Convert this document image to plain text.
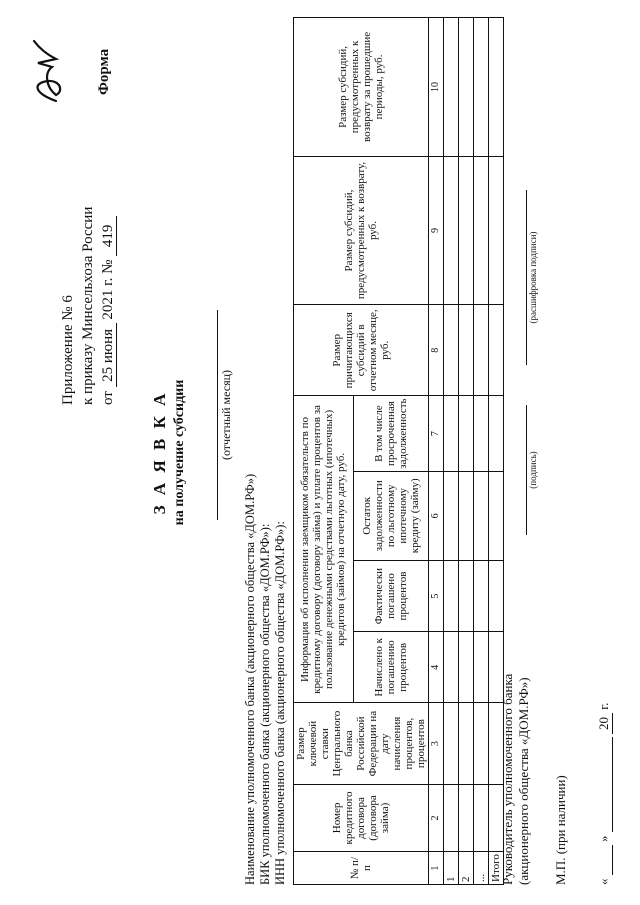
Приложение № 6 к приказу Минсельхоза России от 25 июня 2021 г. № 419
Форма
З А Я В К А на получение субсидии	(отчетный месяц)
Наименование уполномоченного банка (акционерного общества «ДОМ.РФ») БИК уполномоченного банка (акционерного общества «ДОМ.РФ»): ИНН уполномоченного банка (акционерного общества «ДОМ.РФ»):	№ п/п	Номер кредитного договора (договора займа)	Размер ключевой ставки Центрального банка Российской Федерации на дату начисления процентов, процентов	Информация об исполнении заемщиком обязательств по кредитному договору (договору займа) и уплате процентов за пользование денежными средствами льготных (ипотечных) кредитов (займов) на отчетную дату, руб.				Размер причитающихся субсидий в отчетном месяце, руб.	Размер субсидий, предусмотренных к возврату, руб.	Размер субсидий, предусмотренных к возврату за прошедшие периоды, руб.
			Начислено к погашению процентов	Фактически погашено процентов	Остаток задолженности по льготному ипотечному кредиту (займу)	В том числе просроченная задолженность			
1	2	3	4	5	6	7	8	9	10
1									
2									
...									
Итого									
Руководитель уполномоченного банка (акционерного общества «ДОМ.РФ»)
(подпись)
(расшифровка подписи)
М.П. (при наличии) «   »   20 г.
